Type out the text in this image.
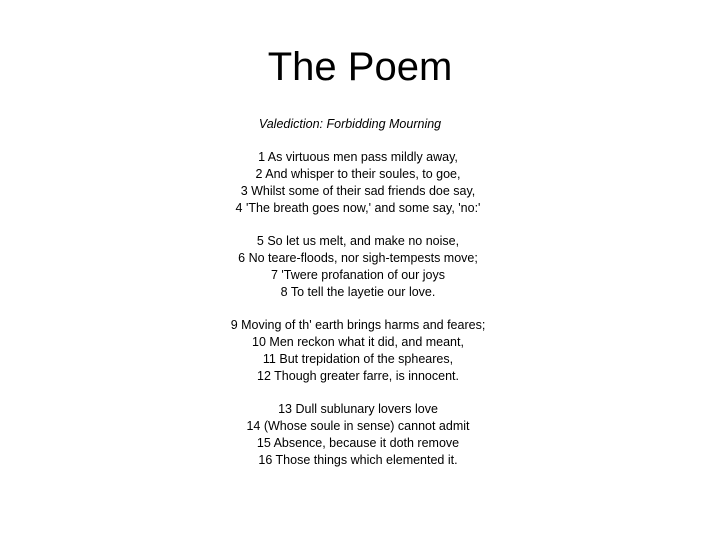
The Poem

Valediction: Forbidding Mourning

1 As virtuous men pass mildly away,
2 And whisper to their soules, to goe,
3 Whilst some of their sad friends doe say,
4 'The breath goes now,' and some say, 'no:'
5 So let us melt, and make no noise,
6 No teare-floods, nor sigh-tempests move;
7 'Twere profanation of our joys
8 To tell the layetie our love.
9 Moving of th' earth brings harms and feares;
10 Men reckon what it did, and meant,
11 But trepidation of the spheares,
12 Though greater farre, is innocent.
13 Dull sublunary lovers love
14 (Whose soule in sense) cannot admit
15 Absence, because it doth remove
16 Those things which elemented it.
